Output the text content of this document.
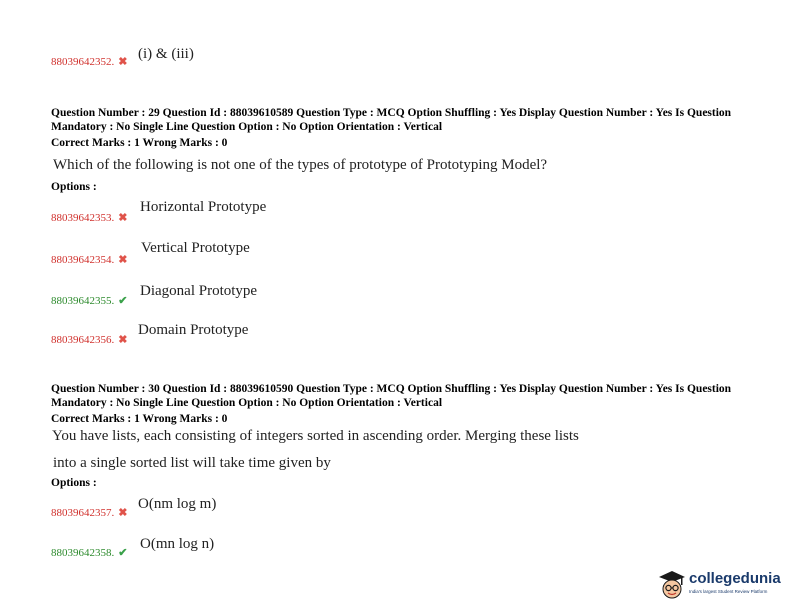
88039642352. ✖ (i) & (iii)
Question Number : 29 Question Id : 88039610589 Question Type : MCQ Option Shuffling : Yes Display Question Number : Yes Is Question Mandatory : No Single Line Question Option : No Option Orientation : Vertical
Correct Marks : 1 Wrong Marks : 0
Which of the following is not one of the types of prototype of Prototyping Model?
Options :
88039642353. ✖
Horizontal Prototype
88039642354. ✖
Vertical Prototype
88039642355. ✔
Diagonal Prototype
88039642356. ✖
Domain Prototype
Question Number : 30 Question Id : 88039610590 Question Type : MCQ Option Shuffling : Yes Display Question Number : Yes Is Question Mandatory : No Single Line Question Option : No Option Orientation : Vertical
Correct Marks : 1 Wrong Marks : 0
You have lists, each consisting of integers sorted in ascending order. Merging these lists
into a single sorted list will take time given by
Options :
88039642357. ✖
O(nm log m)
88039642358. ✔
O(mn log n)
collegedunia
India's largest Student Review Platform
